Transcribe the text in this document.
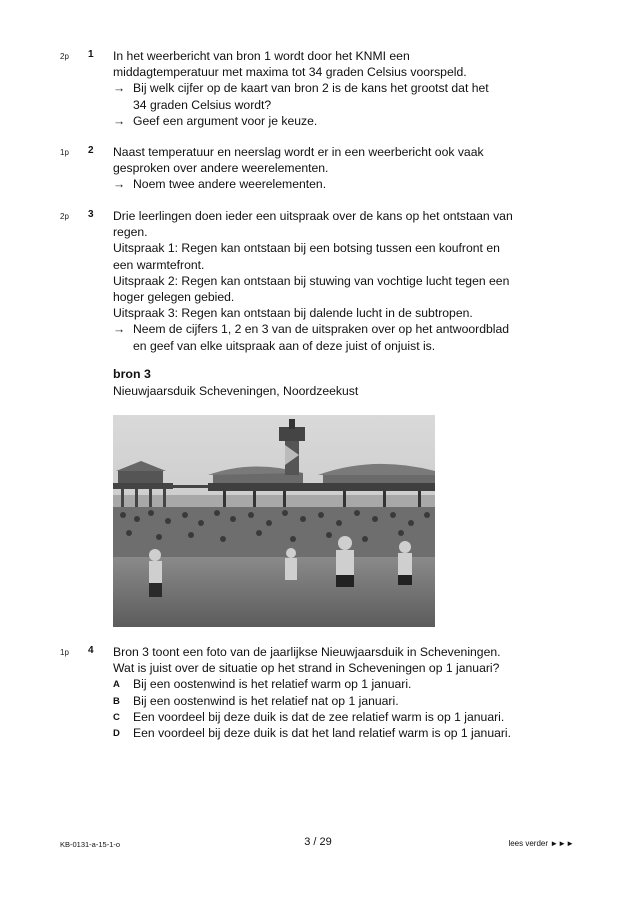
2p 1 In het weerbericht van bron 1 wordt door het KNMI een
middagtemperatuur met maxima tot 34 graden Celsius voorspeld.
→ Bij welk cijfer op de kaart van bron 2 is de kans het grootst dat het
34 graden Celsius wordt?
→ Geef een argument voor je keuze.
1p 2 Naast temperatuur en neerslag wordt er in een weerbericht ook vaak
gesproken over andere weerelementen.
→ Noem twee andere weerelementen.
2p 3 Drie leerlingen doen ieder een uitspraak over de kans op het ontstaan van
regen.
Uitspraak 1: Regen kan ontstaan bij een botsing tussen een koufront en
een warmtefront.
Uitspraak 2: Regen kan ontstaan bij stuwing van vochtige lucht tegen een
hoger gelegen gebied.
Uitspraak 3: Regen kan ontstaan bij dalende lucht in de subtropen.
→ Neem de cijfers 1, 2 en 3 van de uitspraken over op het antwoordblad
en geef van elke uitspraak aan of deze juist of onjuist is.
bron 3
Nieuwjaarsduik Scheveningen, Noordzeekust
1p 4 Bron 3 toont een foto van de jaarlijkse Nieuwjaarsduik in Scheveningen.
Wat is juist over de situatie op het strand in Scheveningen op 1 januari?
A Bij een oostenwind is het relatief warm op 1 januari.
B Bij een oostenwind is het relatief nat op 1 januari.
C Een voordeel bij deze duik is dat de zee relatief warm is op 1 januari.
D Een voordeel bij deze duik is dat het land relatief warm is op 1 januari.
KB-0131-a-15-1-o	3 / 29	lees verder ►►►
